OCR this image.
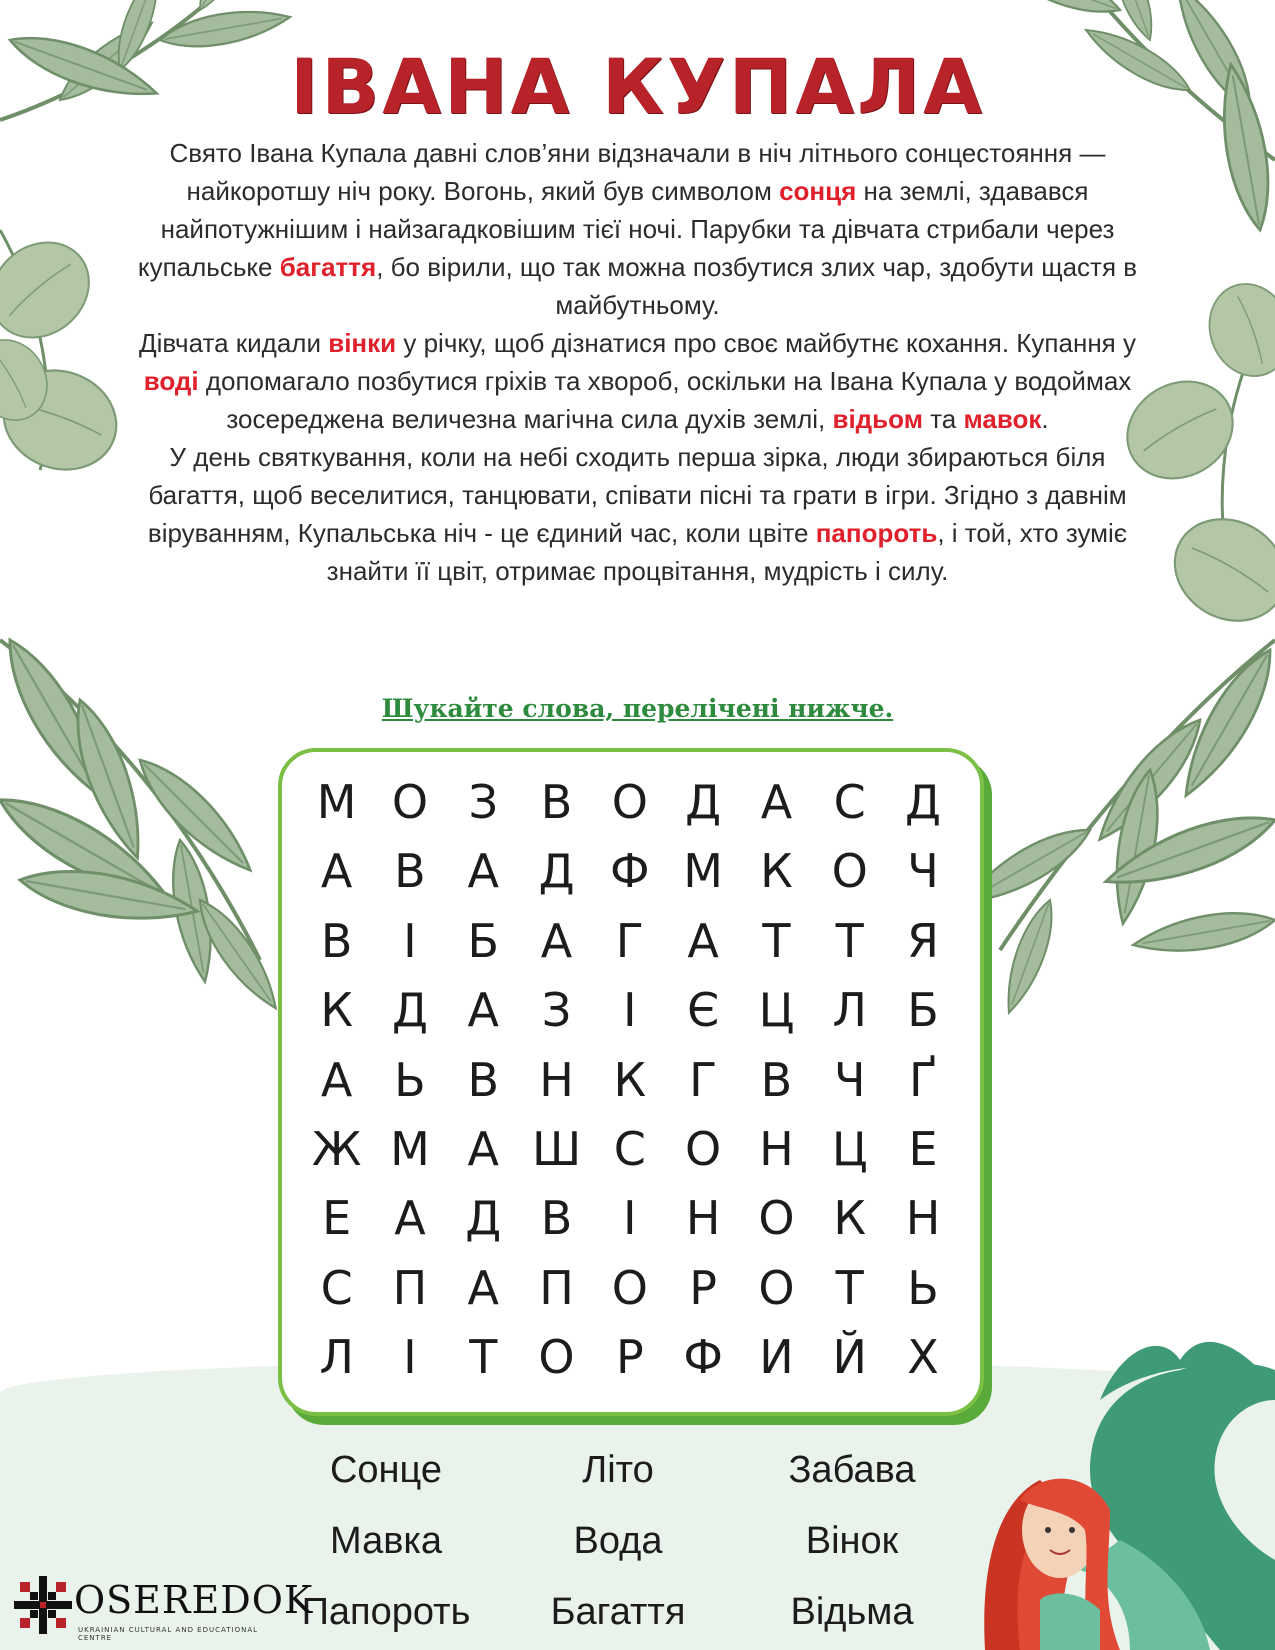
ІВАНА КУПАЛА

Свято Івана Купала давні слов’яни відзначали в ніч літнього сонцестояння — найкоротшу ніч року. Вогонь, який був символом сонця на землі, здавався найпотужнішим і найзагадковішим тієї ночі. Парубки та дівчата стрибали через купальське багаття, бо вірили, що так можна позбутися злих чар, здобути щастя в майбутньому.

Дівчата кидали вінки у річку, щоб дізнатися про своє майбутнє кохання. Купання у воді допомагало позбутися гріхів та хвороб, оскільки на Івана Купала у водоймах зосереджена величезна магічна сила духів землі, відьом та мавок.

У день святкування, коли на небі сходить перша зірка, люди збираються біля багаття, щоб веселитися, танцювати, співати пісні та грати в ігри. Згідно з давнім віруванням, Купальська ніч - це єдиний час, коли цвіте папороть, і той, хто зуміє знайти її цвіт, отримає процвітання, мудрість і силу.

Шукайте слова, перелічені нижче.
М О З В О Д А С Д
А В А Д Ф М К О Ч
В	І	Б А Г А Т Т Я
К Д А З	І	Є Ц Л Б
А Ь В Н К Г В Ч Ґ
Ж М А Ш С О Н Ц Е
Е А Д В	І	Н О К Н
С П А П О Р О Т Ь
Л	І	Т О Р Ф И Й Х
Сонце	Літо	Забава
Мавка	Вода	Вінок
Папороть	Багаття	Відьма
OSEREDOK
UKRAINIAN CULTURAL AND EDUCATIONAL CENTRE
